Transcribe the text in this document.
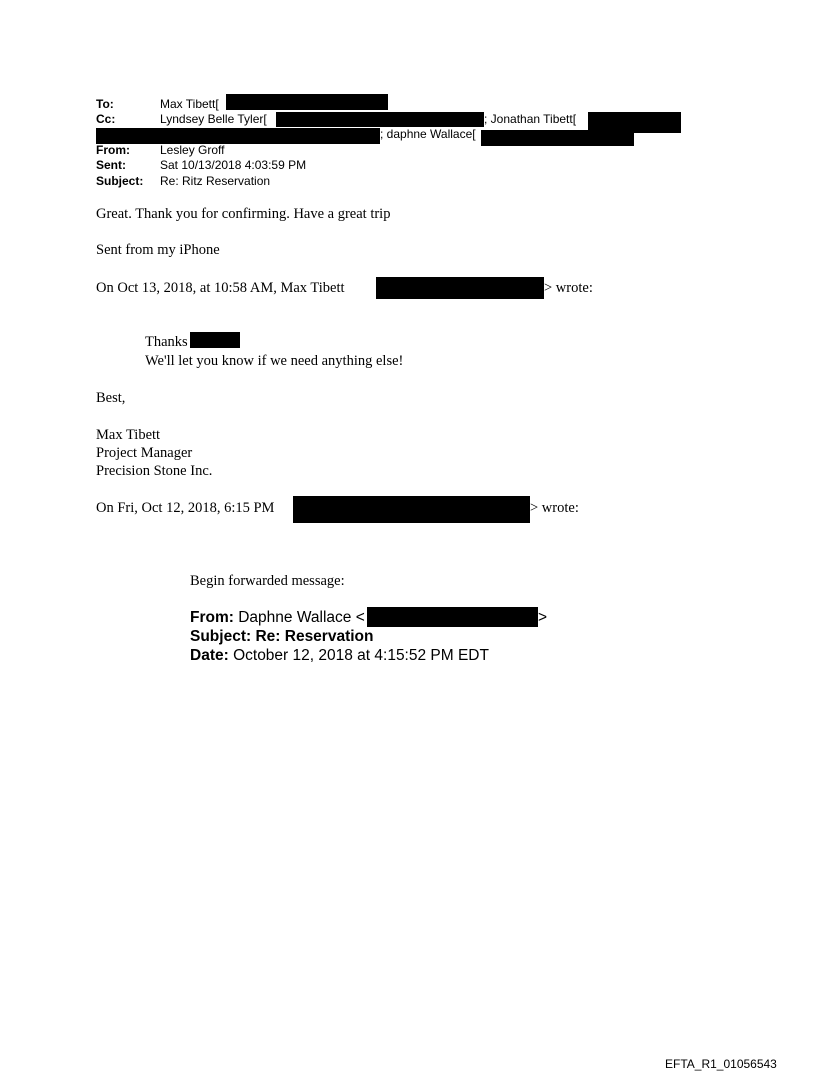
To:	Max Tibett[
Cc:	Lyndsey Belle Tyler[	; Jonathan Tibett[
; daphne Wallace[
From:	Lesley Groff
Sent:	Sat 10/13/2018 4:03:59 PM
Subject: Re: Ritz Reservation
Great. Thank you for confirming. Have a great trip
Sent from my iPhone
On Oct 13, 2018, at 10:58 AM, Max Tibett	> wrote:
Thanks
We'll let you know if we need anything else!
Best,
Max Tibett
Project Manager
Precision Stone Inc.
On Fri, Oct 12, 2018, 6:15 PM	> wrote:
Begin forwarded message:
From: Daphne Wallace <	>
Subject: Re: Reservation
Date: October 12, 2018 at 4:15:52 PM EDT
EFTA_R1_01056543
